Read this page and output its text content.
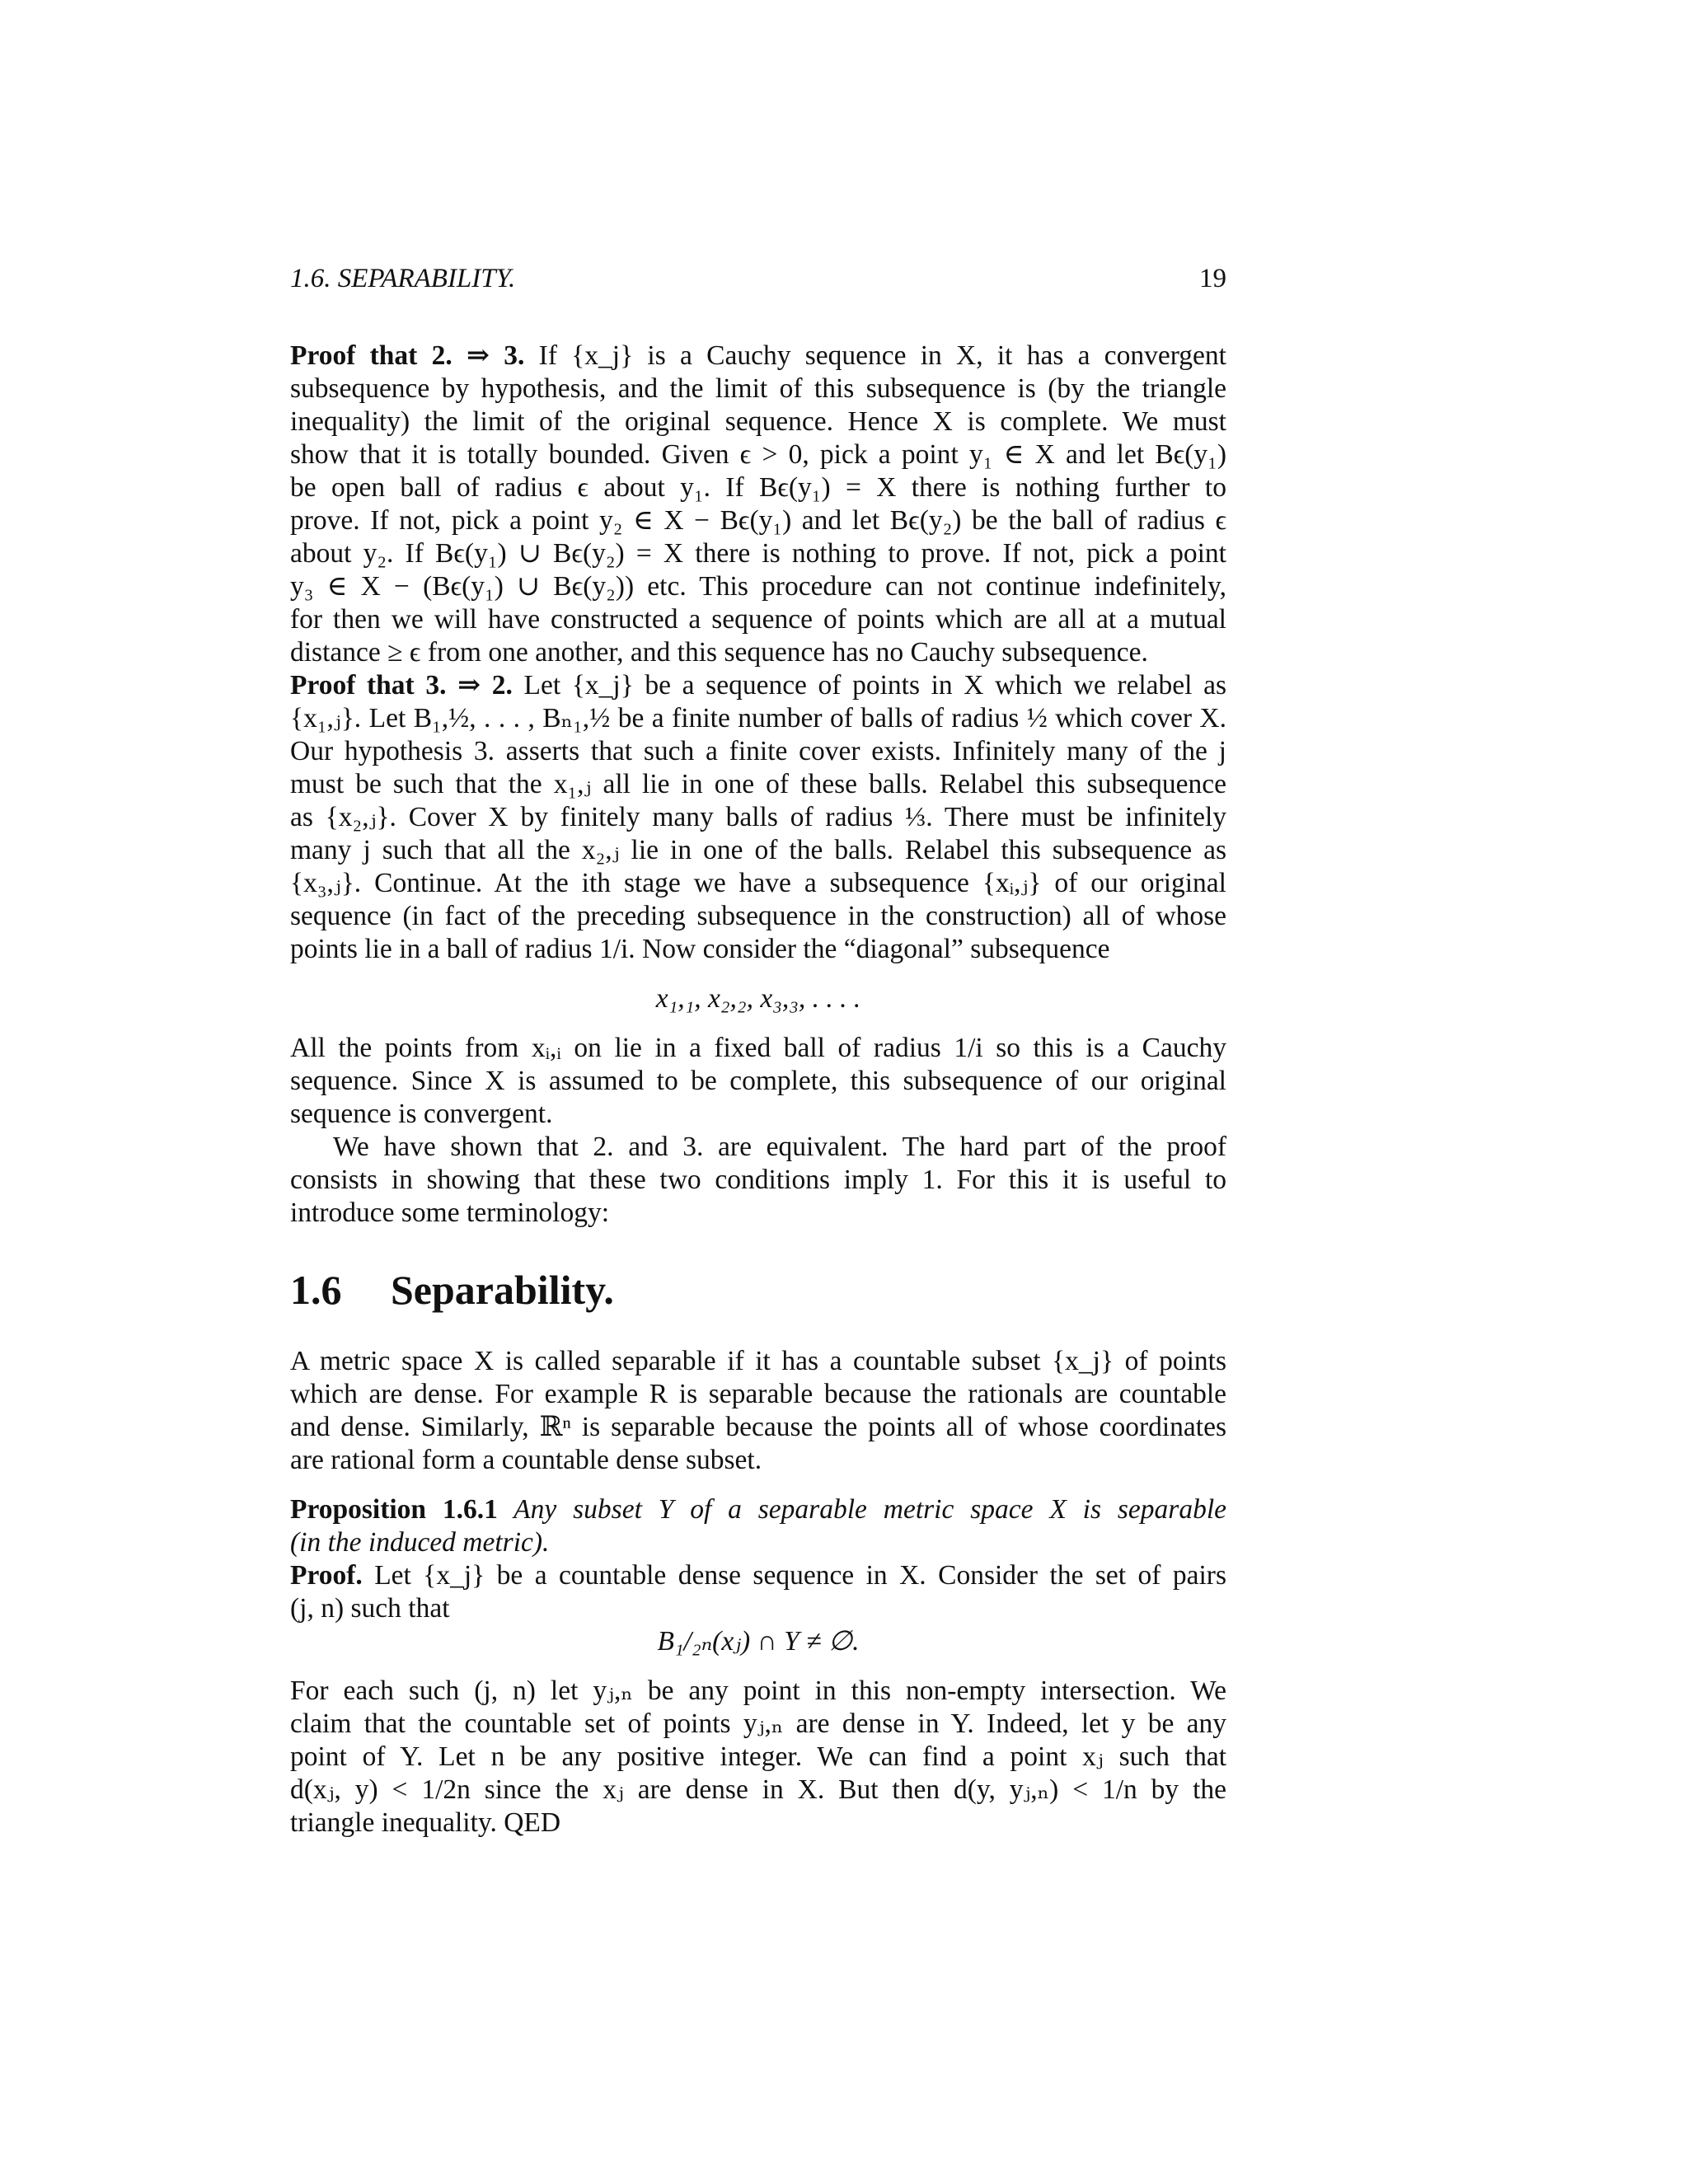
1.6. SEPARABILITY.	19
Proof that 2. ⇒ 3. If {x_j} is a Cauchy sequence in X, it has a convergent
subsequence by hypothesis, and the limit of this subsequence is (by the triangle
inequality) the limit of the original sequence. Hence X is complete. We must
show that it is totally bounded. Given ϵ > 0, pick a point y₁ ∈ X and let Bϵ(y₁)
be open ball of radius ϵ about y₁. If Bϵ(y₁) = X there is nothing further to
prove. If not, pick a point y₂ ∈ X − Bϵ(y₁) and let Bϵ(y₂) be the ball of radius ϵ
about y₂. If Bϵ(y₁) ∪ Bϵ(y₂) = X there is nothing to prove. If not, pick a point
y₃ ∈ X − (Bϵ(y₁) ∪ Bϵ(y₂)) etc. This procedure can not continue indefinitely,
for then we will have constructed a sequence of points which are all at a mutual
distance ≥ ϵ from one another, and this sequence has no Cauchy subsequence.
Proof that 3. ⇒ 2. Let {x_j} be a sequence of points in X which we relabel as
{x₁,ⱼ}. Let B₁,½, . . . , Bₙ₁,½ be a finite number of balls of radius ½ which cover X.
Our hypothesis 3. asserts that such a finite cover exists. Infinitely many of the j
must be such that the x₁,ⱼ all lie in one of these balls. Relabel this subsequence
as {x₂,ⱼ}. Cover X by finitely many balls of radius ⅓. There must be infinitely
many j such that all the x₂,ⱼ lie in one of the balls. Relabel this subsequence as
{x₃,ⱼ}. Continue. At the ith stage we have a subsequence {xᵢ,ⱼ} of our original
sequence (in fact of the preceding subsequence in the construction) all of whose
points lie in a ball of radius 1/i. Now consider the “diagonal” subsequence
x₁,₁, x₂,₂, x₃,₃, . . . .
All the points from xᵢ,ᵢ on lie in a fixed ball of radius 1/i so this is a Cauchy
sequence. Since X is assumed to be complete, this subsequence of our original
sequence is convergent.
We have shown that 2. and 3. are equivalent. The hard part of the proof
consists in showing that these two conditions imply 1. For this it is useful to
introduce some terminology:
1.6 Separability.
A metric space X is called separable if it has a countable subset {x_j} of points
which are dense. For example R is separable because the rationals are countable
and dense. Similarly, ℝⁿ is separable because the points all of whose coordinates
are rational form a countable dense subset.
Proposition 1.6.1 Any subset Y of a separable metric space X is separable
(in the induced metric).
Proof. Let {x_j} be a countable dense sequence in X. Consider the set of pairs
(j, n) such that
B₁/₂ₙ(xⱼ) ∩ Y ≠ ∅.
For each such (j, n) let yⱼ,ₙ be any point in this non-empty intersection. We
claim that the countable set of points yⱼ,ₙ are dense in Y. Indeed, let y be any
point of Y. Let n be any positive integer. We can find a point xⱼ such that
d(xⱼ, y) < 1/2n since the xⱼ are dense in X. But then d(y, yⱼ,ₙ) < 1/n by the
triangle inequality. QED
